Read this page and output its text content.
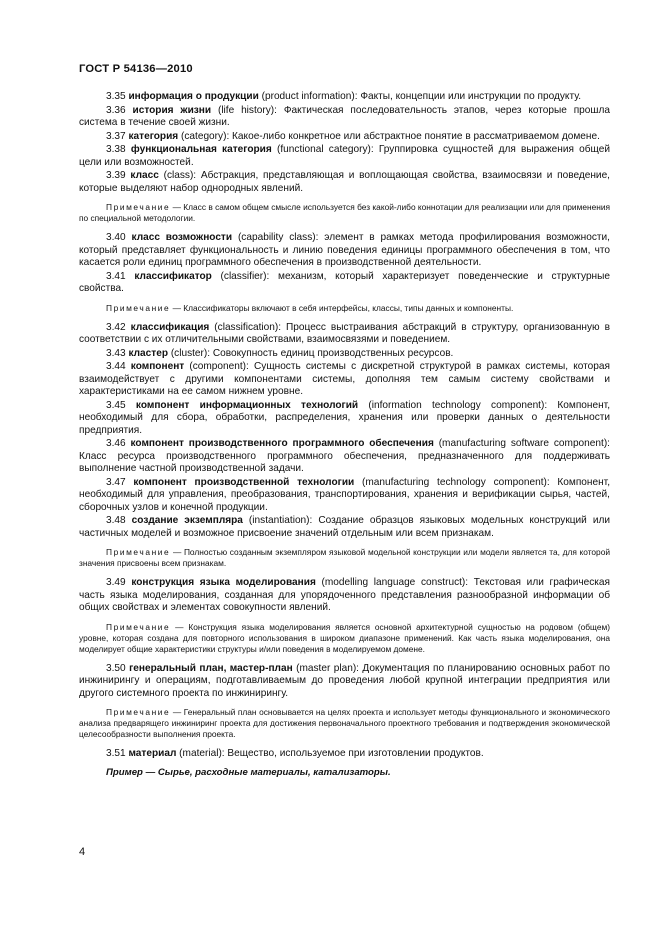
ГОСТ Р 54136—2010

3.35 информация о продукции (product information): Факты, концепции или инструкции по продукту.

3.36 история жизни (life history): Фактическая последовательность этапов, через которые прошла система в течение своей жизни.

3.37 категория (category): Какое-либо конкретное или абстрактное понятие в рассматриваемом домене.

3.38 функциональная категория (functional category): Группировка сущностей для выражения общей цели или возможностей.

3.39 класс (class): Абстракция, представляющая и воплощающая свойства, взаимосвязи и поведение, которые выделяют набор однородных явлений.

Примечание — Класс в самом общем смысле используется без какой-либо коннотации для реализации или для применения по специальной методологии.

3.40 класс возможности (capability class): элемент в рамках метода профилирования возможности, который представляет функциональность и линию поведения единицы программного обеспечения в том, что касается роли единиц программного обеспечения в производственной деятельности.

3.41 классификатор (classifier): механизм, который характеризует поведенческие и структурные свойства.

Примечание — Классификаторы включают в себя интерфейсы, классы, типы данных и компоненты.

3.42 классификация (classification): Процесс выстраивания абстракций в структуру, организованную в соответствии с их отличительными свойствами, взаимосвязями и поведением.

3.43 кластер (cluster): Совокупность единиц производственных ресурсов.

3.44 компонент (component): Сущность системы с дискретной структурой в рамках системы, которая взаимодействует с другими компонентами системы, дополняя тем самым систему свойствами и характеристиками на ее самом нижнем уровне.

3.45 компонент информационных технологий (information technology component): Компонент, необходимый для сбора, обработки, распределения, хранения или проверки данных о деятельности предприятия.

3.46 компонент производственного программного обеспечения (manufacturing software component): Класс ресурса производственного программного обеспечения, предназначенного для поддерживать выполнение частной производственной задачи.

3.47 компонент производственной технологии (manufacturing technology component): Компонент, необходимый для управления, преобразования, транспортирования, хранения и верификации сырья, частей, сборочных узлов и конечной продукции.

3.48 создание экземпляра (instantiation): Создание образцов языковых модельных конструкций или частичных моделей и возможное присвоение значений отдельным или всем признакам.

Примечание — Полностью созданным экземпляром языковой модельной конструкции или модели является та, для которой значения присвоены всем признакам.

3.49 конструкция языка моделирования (modelling language construct): Текстовая или графическая часть языка моделирования, созданная для упорядоченного представления разнообразной информации об общих свойствах и элементах совокупности явлений.

Примечание — Конструкция языка моделирования является основной архитектурной сущностью на родовом (общем) уровне, которая создана для повторного использования в широком диапазоне применений. Как часть языка моделирования, она моделирует общие характеристики структуры и/или поведения в моделируемом домене.

3.50 генеральный план, мастер-план (master plan): Документация по планированию основных работ по инжинирингу и операциям, подготавливаемым до проведения любой крупной интеграции предприятия или другого системного проекта по инжинирингу.

Примечание — Генеральный план основывается на целях проекта и использует методы функционального и экономического анализа предварящего инжиниринг проекта для достижения первоначального проектного требования и подтверждения экономической целесообразности выполнения проекта.

3.51 материал (material): Вещество, используемое при изготовлении продуктов.

Пример — Сырье, расходные материалы, катализаторы.

4
